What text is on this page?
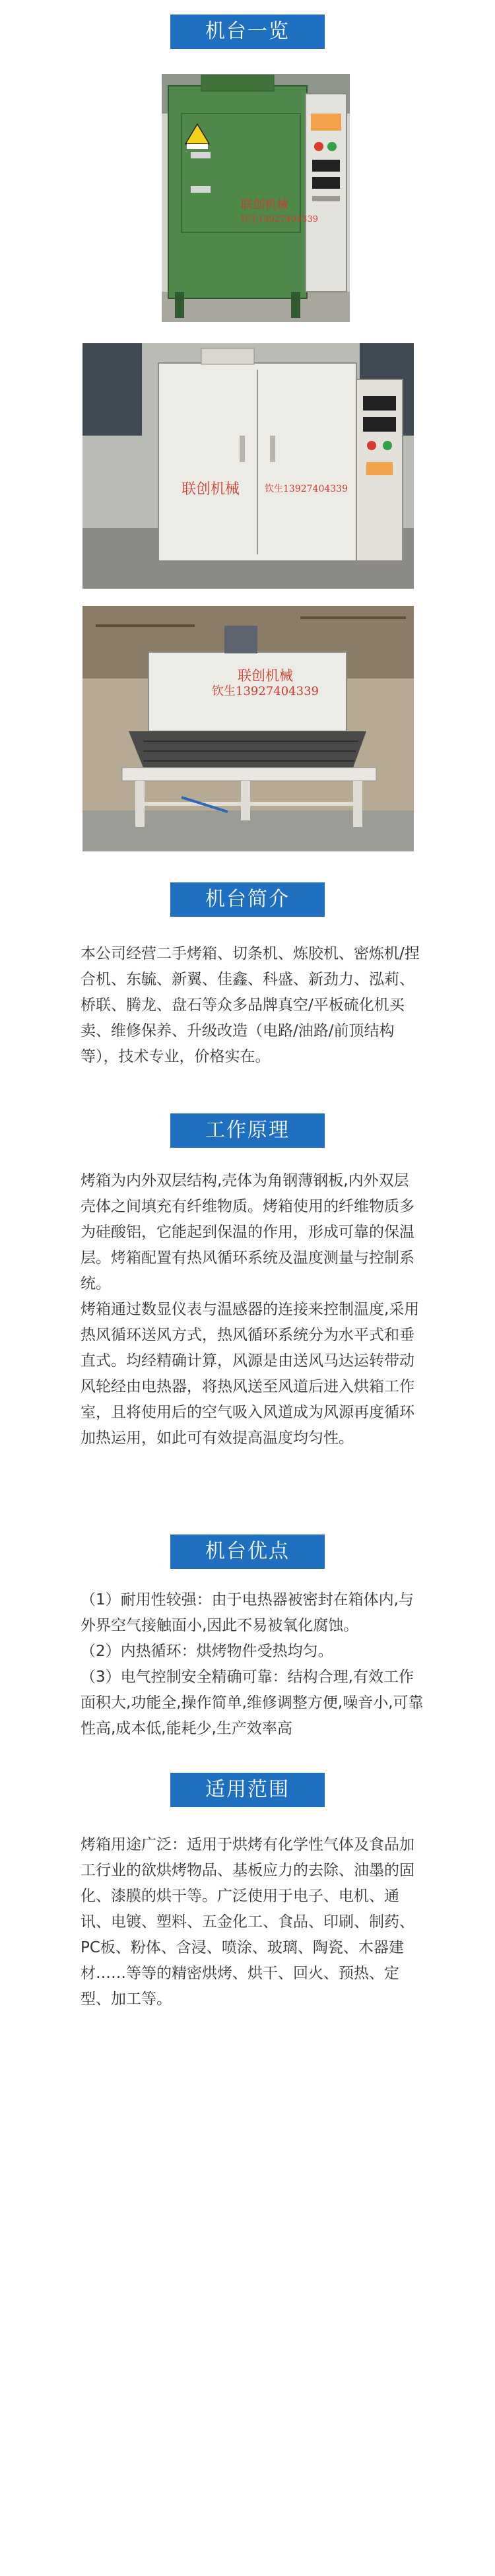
机台一览
联创机械
钦生13927404339
联创机械	钦生13927404339
联创机械
钦生13927404339
机台简介

本公司经营二手烤箱、切条机、炼胶机、密炼机/捏合机、东毓、新翼、佳鑫、科盛、新劲力、泓莉、桥联、腾龙、盘石等众多品牌真空/平板硫化机买卖、维修保养、升级改造（电路/油路/前顶结构等），技术专业，价格实在。

工作原理

烤箱为内外双层结构,壳体为角钢薄钢板,内外双层壳体之间填充有纤维物质。烤箱使用的纤维物质多为硅酸铝，它能起到保温的作用，形成可靠的保温层。烤箱配置有热风循环系统及温度测量与控制系统。

烤箱通过数显仪表与温感器的连接来控制温度,采用热风循环送风方式，热风循环系统分为水平式和垂直式。均经精确计算，风源是由送风马达运转带动风轮经由电热器，将热风送至风道后进入烘箱工作室，且将使用后的空气吸入风道成为风源再度循环加热运用，如此可有效提高温度均匀性。

机台优点

（1）耐用性较强：由于电热器被密封在箱体内,与外界空气接触面小,因此不易被氧化腐蚀。

（2）内热循环：烘烤物件受热均匀。

（3）电气控制安全精确可靠：结构合理,有效工作面积大,功能全,操作简单,维修调整方便,噪音小,可靠性高,成本低,能耗少,生产效率高

适用范围

烤箱用途广泛：适用于烘烤有化学性气体及食品加工行业的欲烘烤物品、基板应力的去除、油墨的固化、漆膜的烘干等。广泛使用于电子、电机、通讯、电镀、塑料、五金化工、食品、印刷、制药、PC板、粉体、含浸、喷涂、玻璃、陶瓷、木器建材……等等的精密烘烤、烘干、回火、预热、定型、加工等。
